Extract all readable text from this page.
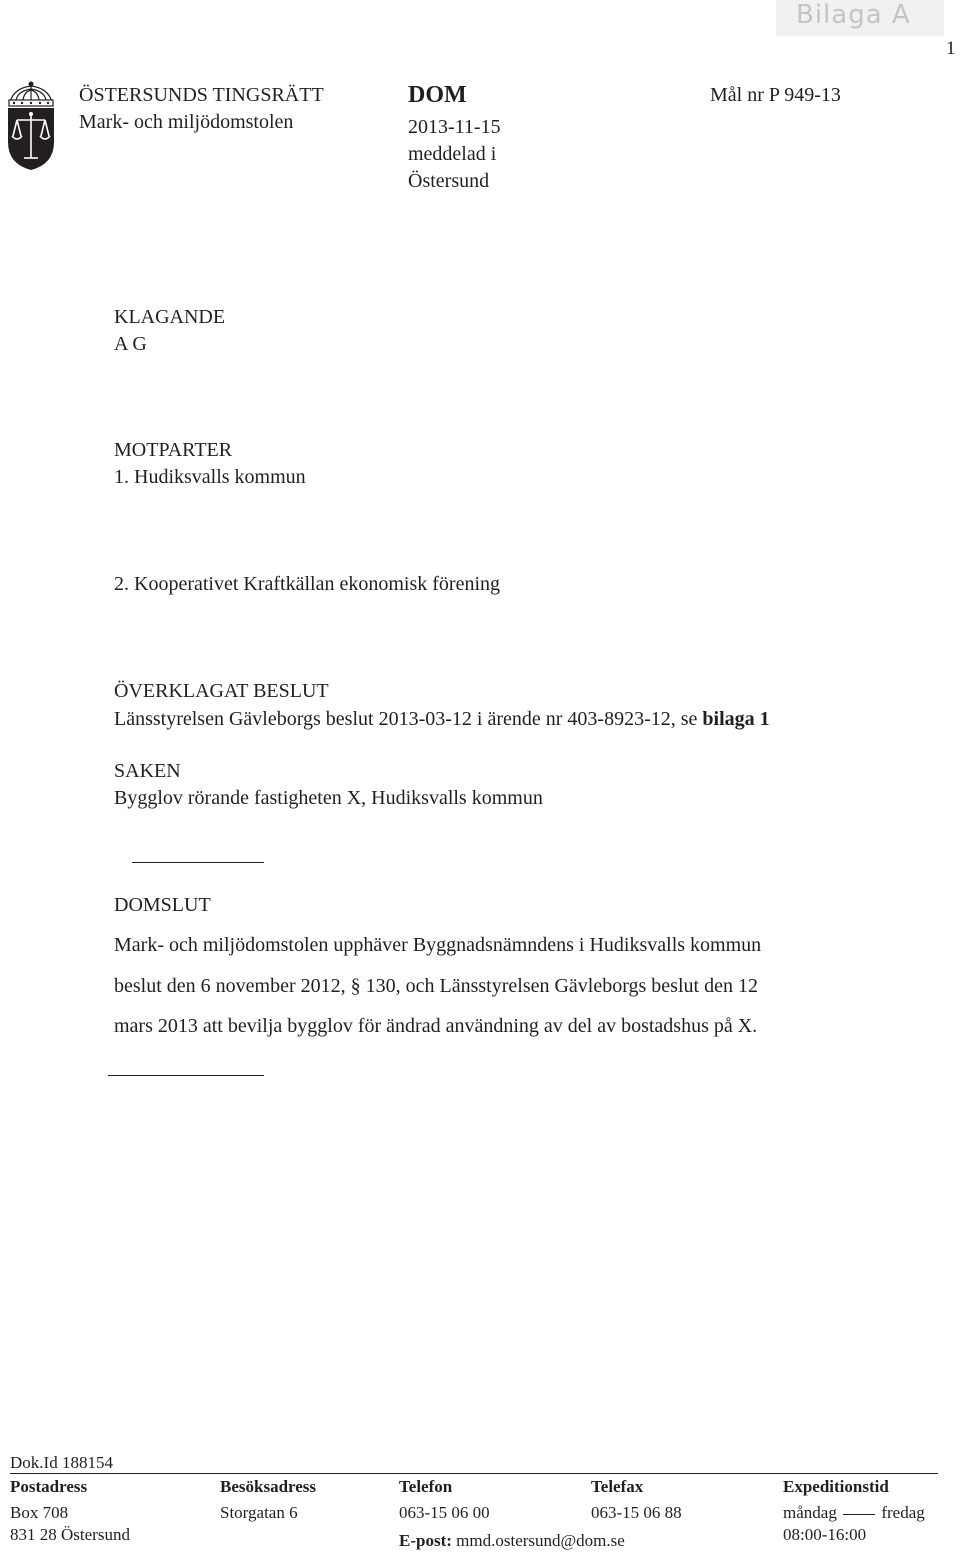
Bilaga A
1
ÖSTERSUNDS TINGSRÄTT
Mark- och miljödomstolen
DOM
2013-11-15
meddelad i
Östersund
Mål nr P 949-13
KLAGANDE
A G
MOTPARTER
1. Hudiksvalls kommun
2. Kooperativet Kraftkällan ekonomisk förening
ÖVERKLAGAT BESLUT
Länsstyrelsen Gävleborgs beslut 2013-03-12 i ärende nr 403-8923-12, se bilaga 1
SAKEN
Bygglov rörande fastigheten X, Hudiksvalls kommun
DOMSLUT
Mark- och miljödomstolen upphäver Byggnadsnämndens i Hudiksvalls kommun
beslut den 6 november 2012, § 130, och Länsstyrelsen Gävleborgs beslut den 12
mars 2013 att bevilja bygglov för ändrad användning av del av bostadshus på X.
Dok.Id 188154
Postadress
Box 708
831 28 Östersund
Besöksadress
Storgatan 6
Telefon
063-15 06 00
E-post: mmd.ostersund@dom.se
Telefax
063-15 06 88
Expeditionstid
måndag	fredag
08:00-16:00
